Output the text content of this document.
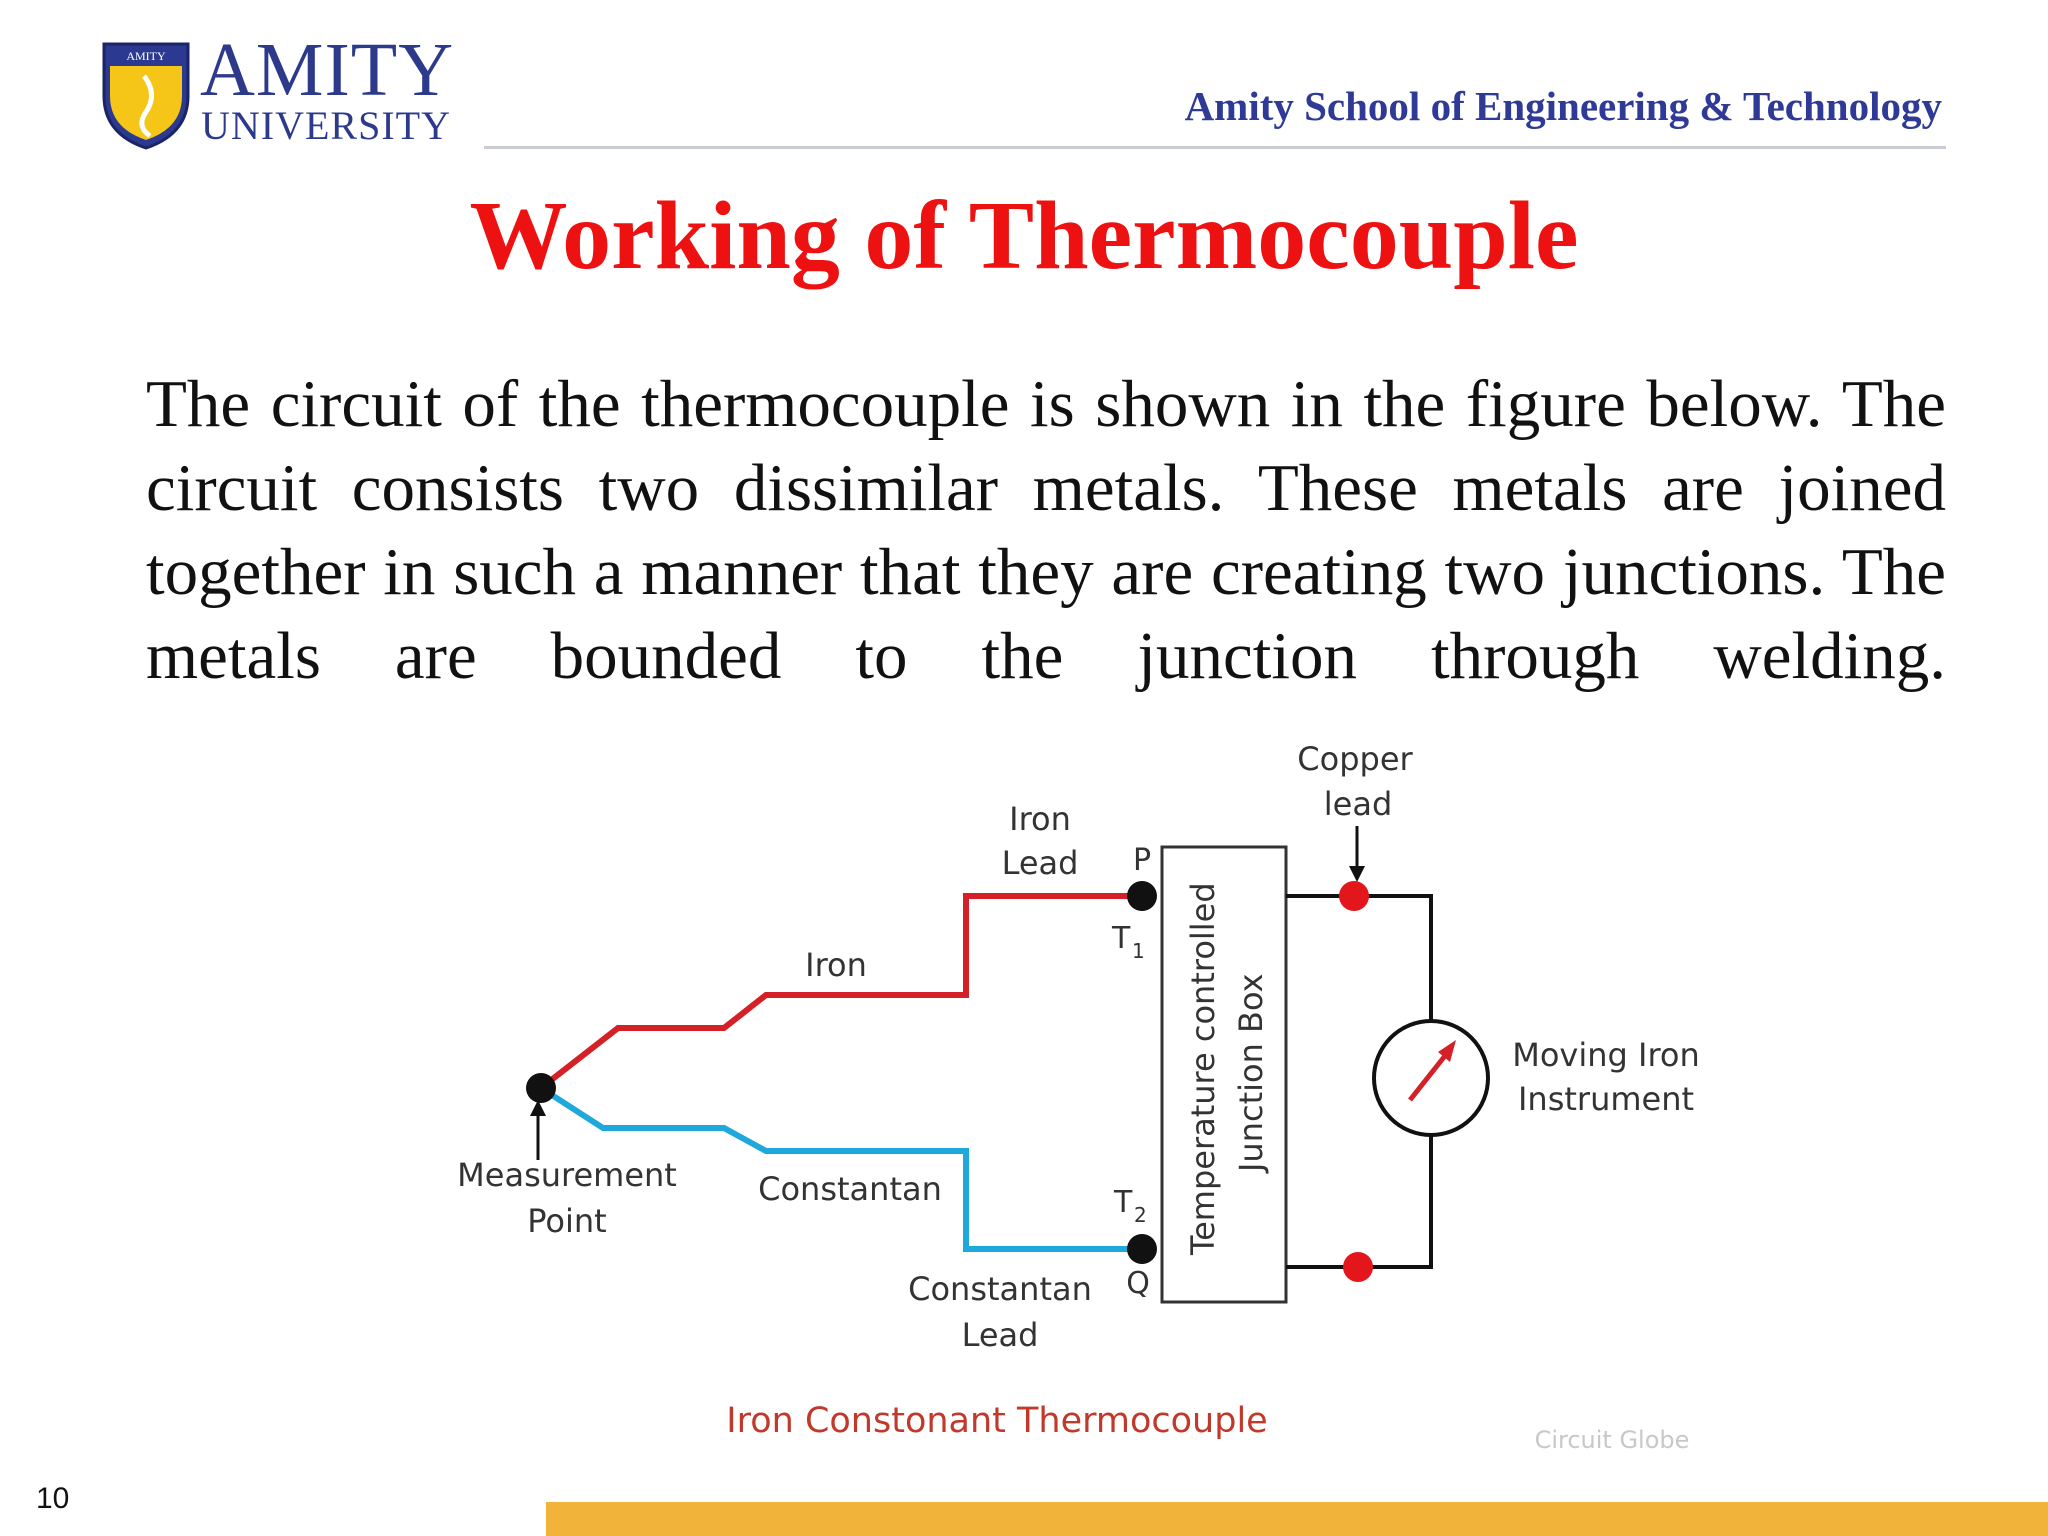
AMITY AMITY
UNIVERSITY	Amity School of Engineering & Technology
Working of Thermocouple

The circuit of the thermocouple is shown in the figure below. The circuit consists two dissimilar metals. These metals are joined together in such a manner that they are creating two junctions. The metals are bounded to the junction through welding.

Temperature controlled Junction Box
Copper
lead
Iron
Lead P
Q
T 1
T 2
Iron
Constantan
Constantan
Lead
Measurement
Point
Moving Iron
Instrument
Iron Constonant Thermocouple	Circuit Globe
10
